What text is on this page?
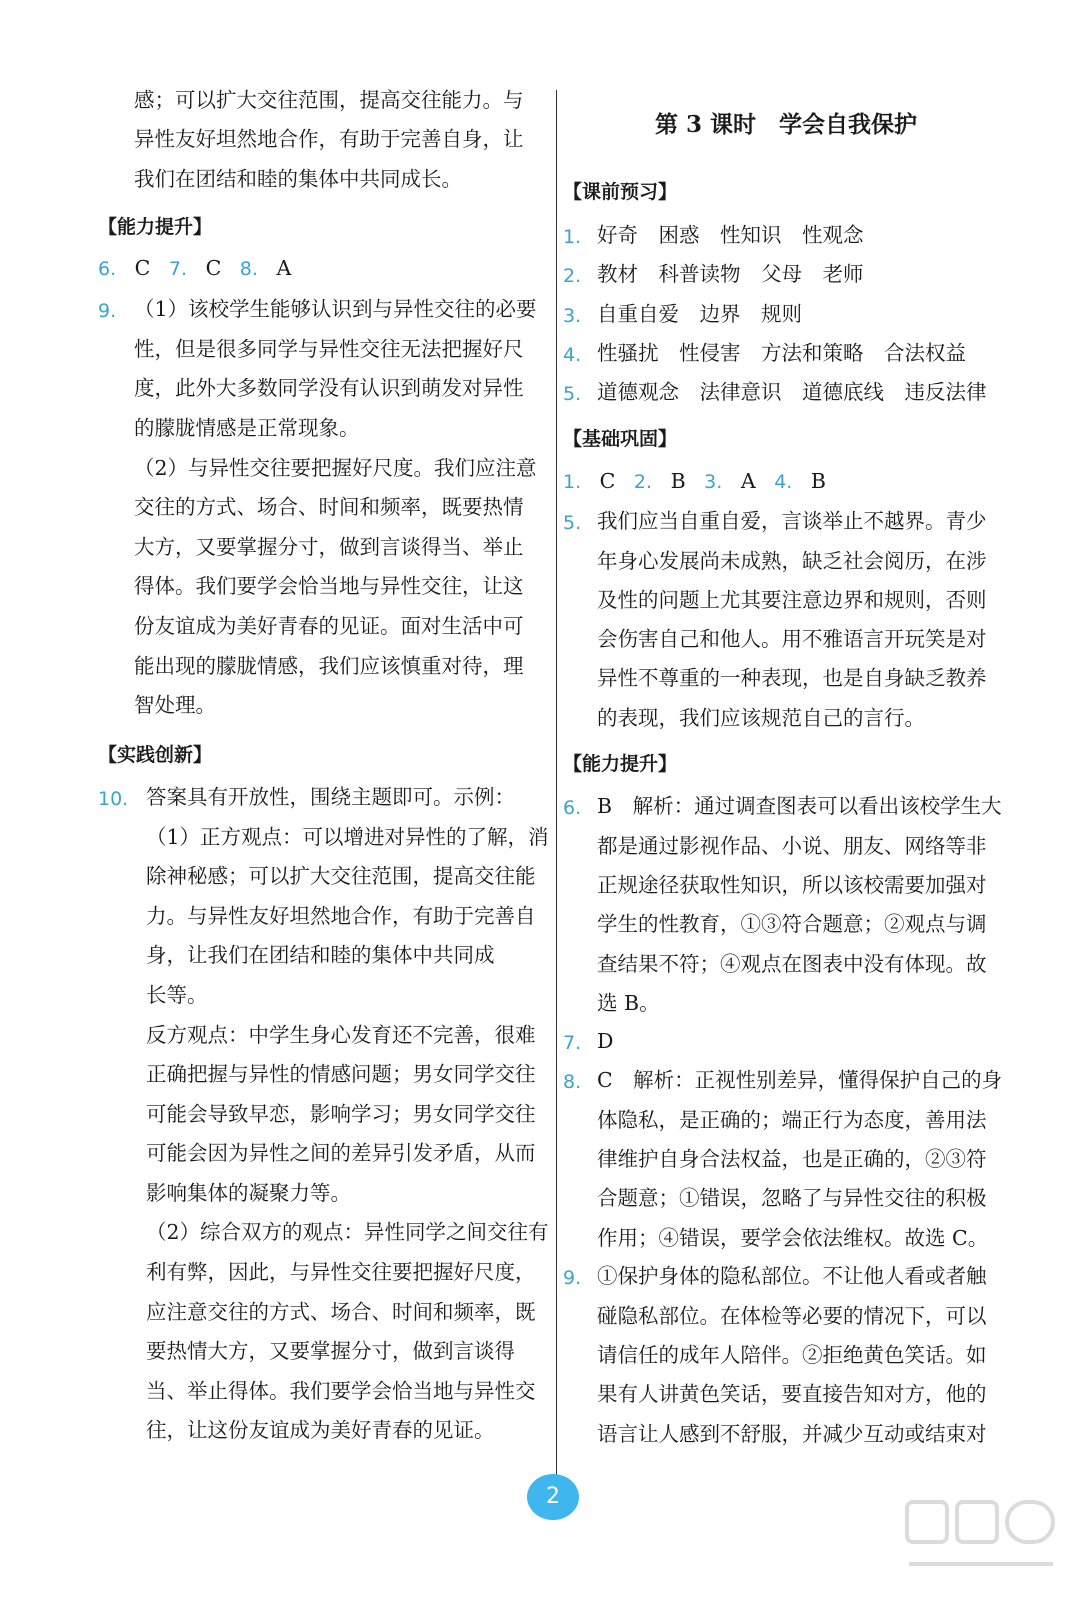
感；可以扩大交往范围，提高交往能力。与
异性友好坦然地合作，有助于完善自身，让
我们在团结和睦的集体中共同成长。
【能力提升】
6. C 7. C 8. A
9. （1）该校学生能够认识到与异性交往的必要
性，但是很多同学与异性交往无法把握好尺
度，此外大多数同学没有认识到萌发对异性
的朦胧情感是正常现象。
（2）与异性交往要把握好尺度。我们应注意
交往的方式、场合、时间和频率，既要热情
大方，又要掌握分寸，做到言谈得当、举止
得体。我们要学会恰当地与异性交往，让这
份友谊成为美好青春的见证。面对生活中可
能出现的朦胧情感，我们应该慎重对待，理
智处理。
【实践创新】
10. 答案具有开放性，围绕主题即可。示例：
（1）正方观点：可以增进对异性的了解，消
除神秘感；可以扩大交往范围，提高交往能
力。与异性友好坦然地合作，有助于完善自
身，让我们在团结和睦的集体中共同成
长等。
反方观点：中学生身心发育还不完善，很难
正确把握与异性的情感问题；男女同学交往
可能会导致早恋，影响学习；男女同学交往
可能会因为异性之间的差异引发矛盾，从而
影响集体的凝聚力等。
（2）综合双方的观点：异性同学之间交往有
利有弊，因此，与异性交往要把握好尺度，
应注意交往的方式、场合、时间和频率，既
要热情大方，又要掌握分寸，做到言谈得
当、举止得体。我们要学会恰当地与异性交
往，让这份友谊成为美好青春的见证。
第 3 课时　学会自我保护
【课前预习】
1. 好奇　困惑　性知识　性观念
2. 教材　科普读物　父母　老师
3. 自重自爱　边界　规则
4. 性骚扰　性侵害　方法和策略　合法权益
5. 道德观念　法律意识　道德底线　违反法律
【基础巩固】
1. C 2. B 3. A 4. B
5. 我们应当自重自爱，言谈举止不越界。青少
年身心发展尚未成熟，缺乏社会阅历，在涉
及性的问题上尤其要注意边界和规则，否则
会伤害自己和他人。用不雅语言开玩笑是对
异性不尊重的一种表现，也是自身缺乏教养
的表现，我们应该规范自己的言行。
【能力提升】
6. B　解析：通过调查图表可以看出该校学生大
都是通过影视作品、小说、朋友、网络等非
正规途径获取性知识，所以该校需要加强对
学生的性教育，①③符合题意；②观点与调
查结果不符；④观点在图表中没有体现。故
选 B。
7. D
8. C　解析：正视性别差异，懂得保护自己的身
体隐私，是正确的；端正行为态度，善用法
律维护自身合法权益，也是正确的，②③符
合题意；①错误，忽略了与异性交往的积极
作用；④错误，要学会依法维权。故选 C。
9. ①保护身体的隐私部位。不让他人看或者触
碰隐私部位。在体检等必要的情况下，可以
请信任的成年人陪伴。②拒绝黄色笑话。如
果有人讲黄色笑话，要直接告知对方，他的
语言让人感到不舒服，并减少互动或结束对
2
